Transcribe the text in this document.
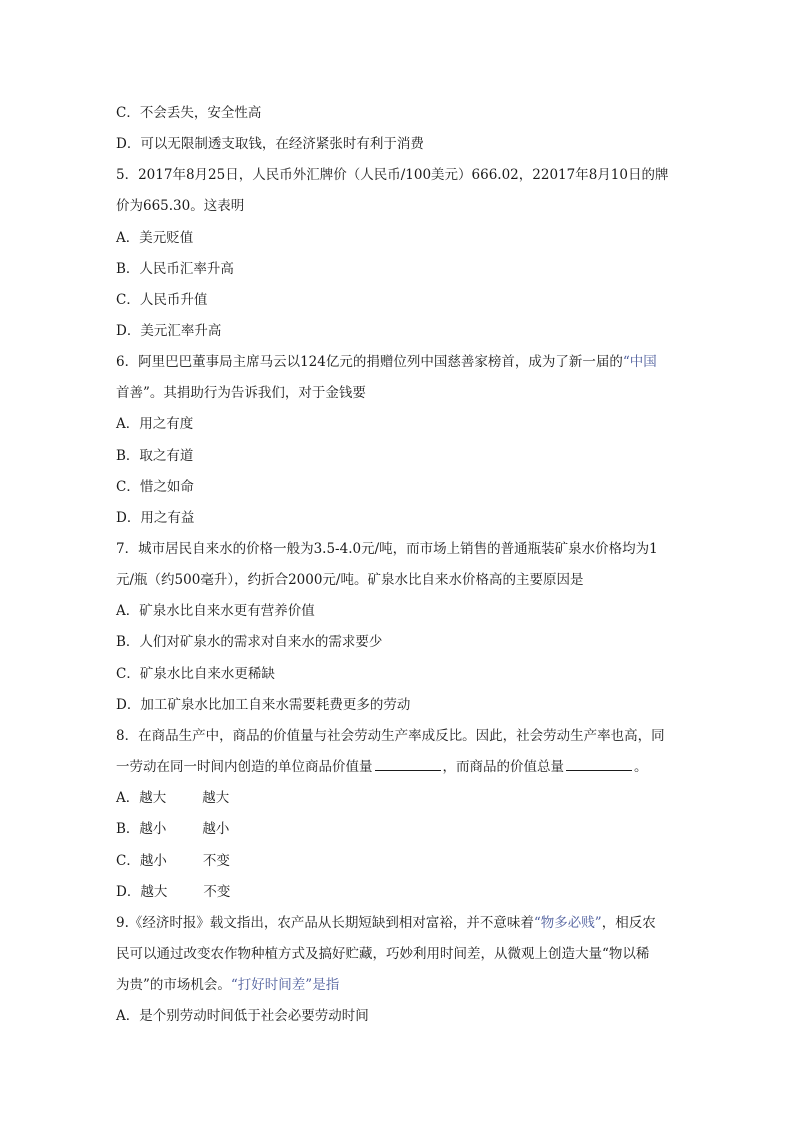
C．不会丢失，安全性高
D．可以无限制透支取钱，在经济紧张时有利于消费
5．2017年8月25日，人民币外汇牌价（人民币/100美元）666.02，22017年8月10日的牌
价为665.30。这表明
A．美元贬值
B．人民币汇率升高
C．人民币升值
D．美元汇率升高
6．阿里巴巴董事局主席马云以124亿元的捐赠位列中国慈善家榜首，成为了新一届的“中国
首善”。其捐助行为告诉我们，对于金钱要
A．用之有度
B．取之有道
C．惜之如命
D．用之有益
7．城市居民自来水的价格一般为3.5-4.0元/吨，而市场上销售的普通瓶装矿泉水价格均为1
元/瓶（约500毫升），约折合2000元/吨。矿泉水比自来水价格高的主要原因是
A．矿泉水比自来水更有营养价值
B．人们对矿泉水的需求对自来水的需求要少
C．矿泉水比自来水更稀缺
D．加工矿泉水比加工自来水需要耗费更多的劳动
8．在商品生产中，商品的价值量与社会劳动生产率成反比。因此，社会劳动生产率也高，同
一劳动在同一时间内创造的单位商品价值量	，而商品的价值总量	。
A．越大	越大
B．越小	越小
C．越小	不变
D．越大	不变
9.《经济时报》载文指出，农产品从长期短缺到相对富裕，并不意味着“物多必贱”，相反农
民可以通过改变农作物种植方式及搞好贮藏，巧妙利用时间差，从微观上创造大量“物以稀
为贵”的市场机会。“打好时间差”是指
A．是个别劳动时间低于社会必要劳动时间
